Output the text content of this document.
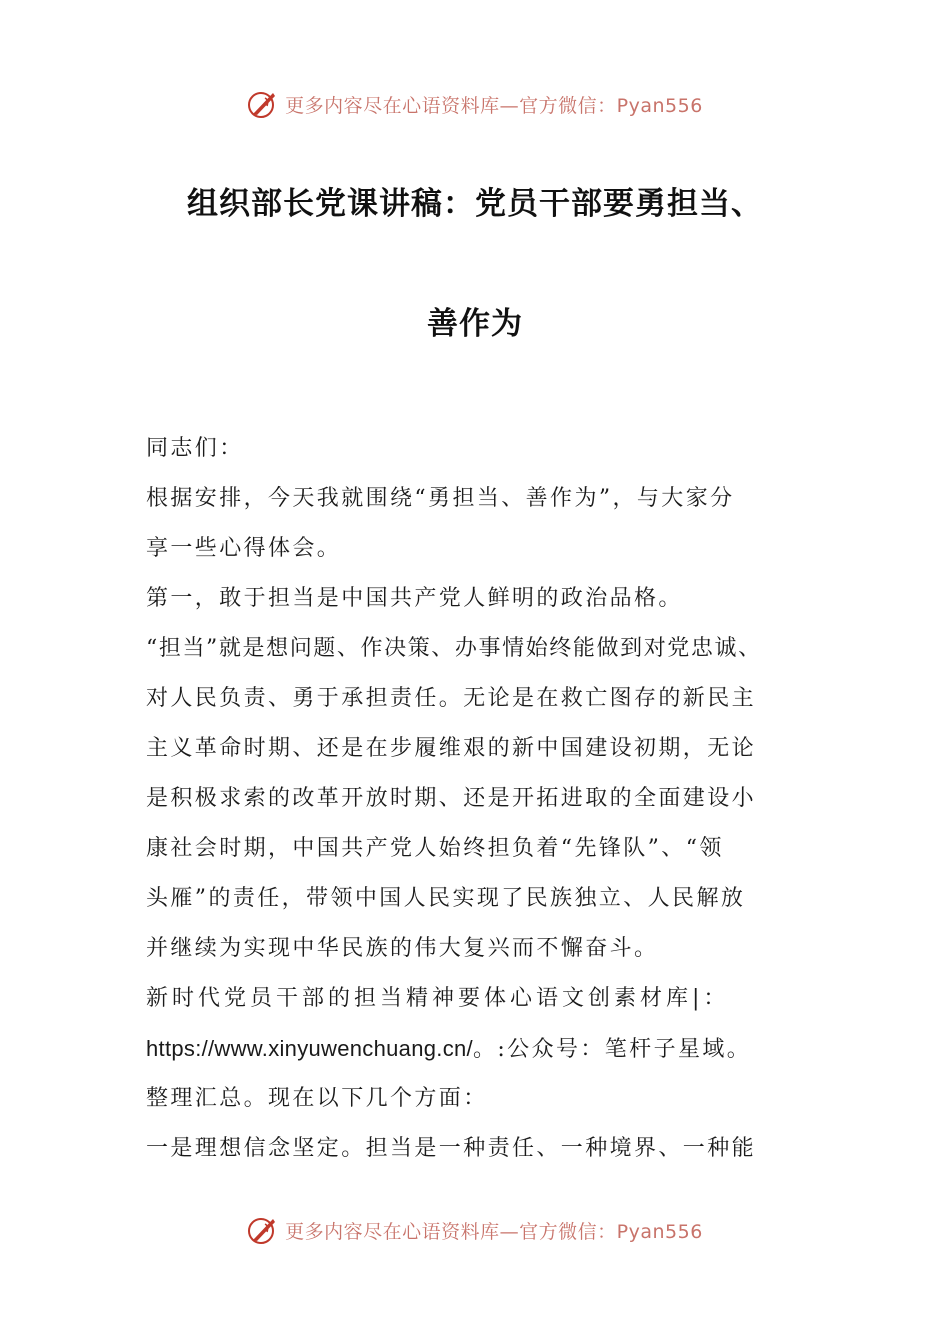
更多内容尽在心语资料库—官方微信：Pyan556
组织部长党课讲稿：党员干部要勇担当、
善作为
同志们：
根据安排，今天我就围绕“勇担当、善作为”，与大家分
享一些心得体会。
第一，敢于担当是中国共产党人鲜明的政治品格。
“担当”就是想问题、作决策、办事情始终能做到对党忠诚、
对人民负责、勇于承担责任。无论是在救亡图存的新民主
主义革命时期、还是在步履维艰的新中国建设初期，无论
是积极求索的改革开放时期、还是开拓进取的全面建设小
康社会时期，中国共产党人始终担负着“先锋队”、“领
头雁”的责任，带领中国人民实现了民族独立、人民解放
并继续为实现中华民族的伟大复兴而不懈奋斗。
新时代党员干部的担当精神要体心语文创素材库|：
https://www.xinyuwenchuang.cn/。:公众号：笔杆子星域。
整理汇总。现在以下几个方面：
一是理想信念坚定。担当是一种责任、一种境界、一种能
更多内容尽在心语资料库—官方微信：Pyan556
